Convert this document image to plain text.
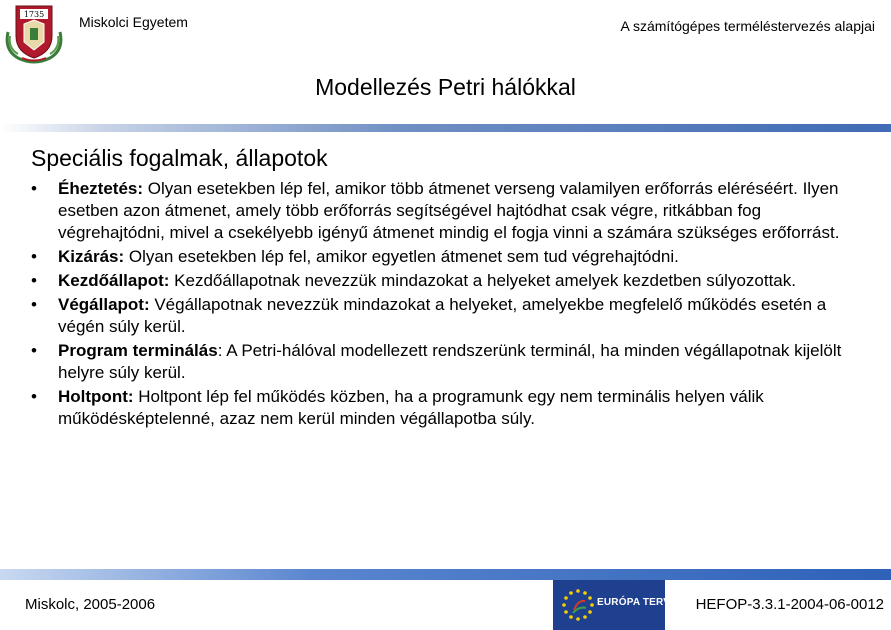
1735 Miskolci Egyetem	A számítógépes terméléstervezés alapjai
Modellezés Petri hálókkal
Speciális fogalmak, állapotok
•	Éheztetés: Olyan esetekben lép fel, amikor több átmenet verseng valamilyen erőforrás eléréséért. Ilyen esetben azon átmenet, amely több erőforrás segítségével hajtódhat csak végre, ritkábban fog végrehajtódni, mivel a csekélyebb igényű átmenet mindig el fogja vinni a számára szükséges erőforrást.
•	Kizárás: Olyan esetekben lép fel, amikor egyetlen átmenet sem tud végrehajtódni.
•	Kezdőállapot: Kezdőállapotnak nevezzük mindazokat a helyeket amelyek kezdetben súlyozottak.
•	Végállapot: Végállapotnak nevezzük mindazokat a helyeket, amelyekbe megfelelő működés esetén a végén súly kerül.
•	Program terminálás: A Petri-hálóval modellezett rendszerünk terminál, ha minden végállapotnak kijelölt helyre súly kerül.
•	Holtpont: Holtpont lép fel működés közben, ha a programunk egy nem terminális helyen válik működésképtelenné, azaz nem kerül minden végállapotba súly.
Miskolc, 2005-2006	EURÓPA TERV HEFOP-3.3.1-2004-06-0012
